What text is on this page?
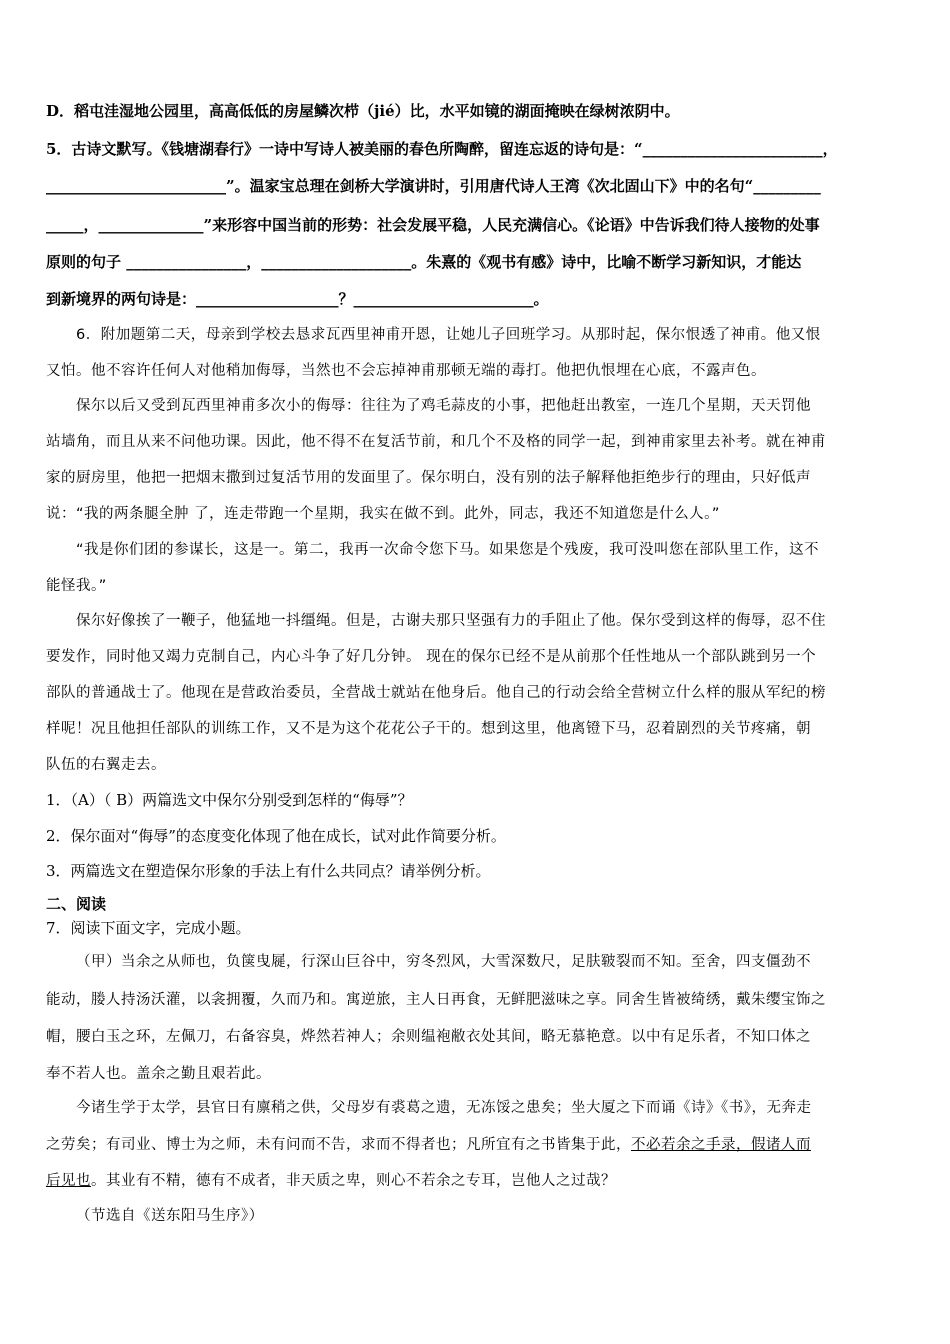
D．稻屯洼湿地公园里，高高低低的房屋鳞次栉（jié）比，水平如镜的湖面掩映在绿树浓阴中。
5．古诗文默写。《钱塘湖春行》一诗中写诗人被美丽的春色所陶醉，留连忘返的诗句是：“________________________，
________________________”。温家宝总理在剑桥大学演讲时，引用唐代诗人王湾《次北固山下》中的名句“_________
_____，______________”来形容中国当前的形势：社会发展平稳，人民充满信心。《论语》中告诉我们待人接物的处事
原则的句子 ________________，____________________。朱熹的《观书有感》诗中，比喻不断学习新知识，才能达
到新境界的两句诗是：___________________？________________________。
6．附加题第二天，母亲到学校去恳求瓦西里神甫开恩，让她儿子回班学习。从那时起，保尔恨透了神甫。他又恨
又怕。他不容许任何人对他稍加侮辱，当然也不会忘掉神甫那顿无端的毒打。他把仇恨埋在心底，不露声色。
保尔以后又受到瓦西里神甫多次小的侮辱：往往为了鸡毛蒜皮的小事，把他赶出教室，一连几个星期，天天罚他
站墙角，而且从来不问他功课。因此，他不得不在复活节前，和几个不及格的同学一起，到神甫家里去补考。就在神甫
家的厨房里，他把一把烟末撒到过复活节用的发面里了。保尔明白，没有别的法子解释他拒绝步行的理由，只好低声
说：“我的两条腿全肿 了，连走带跑一个星期，我实在做不到。此外，同志，我还不知道您是什么人。”
“我是你们团的参谋长，这是一。第二，我再一次命令您下马。如果您是个残废，我可没叫您在部队里工作，这不
能怪我。”
保尔好像挨了一鞭子，他猛地一抖缰绳。但是，古谢夫那只坚强有力的手阻止了他。保尔受到这样的侮辱，忍不住
要发作，同时他又竭力克制自己，内心斗争了好几分钟。 现在的保尔已经不是从前那个任性地从一个部队跳到另一个
部队的普通战士了。他现在是营政治委员，全营战士就站在他身后。他自己的行动会给全营树立什么样的服从军纪的榜
样呢！况且他担任部队的训练工作，又不是为这个花花公子干的。想到这里，他离镫下马，忍着剧烈的关节疼痛，朝
队伍的右翼走去。
1．（A）（ B）两篇选文中保尔分别受到怎样的“侮辱”？
2．保尔面对“侮辱”的态度变化体现了他在成长，试对此作简要分析。
3．两篇选文在塑造保尔形象的手法上有什么共同点？请举例分析。
二、阅读
7．阅读下面文字，完成小题。
（甲）当余之从师也，负箧曳屣，行深山巨谷中，穷冬烈风，大雪深数尺，足肤皲裂而不知。至舍，四支僵劲不
能动，媵人持汤沃灌，以衾拥覆，久而乃和。寓逆旅，主人日再食，无鲜肥滋味之享。同舍生皆被绮绣，戴朱缨宝饰之
帽，腰白玉之环，左佩刀，右备容臭，烨然若神人；余则缊袍敝衣处其间，略无慕艳意。以中有足乐者，不知口体之
奉不若人也。盖余之勤且艰若此。
今诸生学于太学，县官日有廪稍之供，父母岁有裘葛之遗，无冻馁之患矣；坐大厦之下而诵《诗》《书》，无奔走
之劳矣；有司业、博士为之师，未有问而不告，求而不得者也；凡所宜有之书皆集于此，不必若余之手录，假诸人而
后见也。其业有不精，德有不成者，非天质之卑，则心不若余之专耳，岂他人之过哉？
（节选自《送东阳马生序》）
